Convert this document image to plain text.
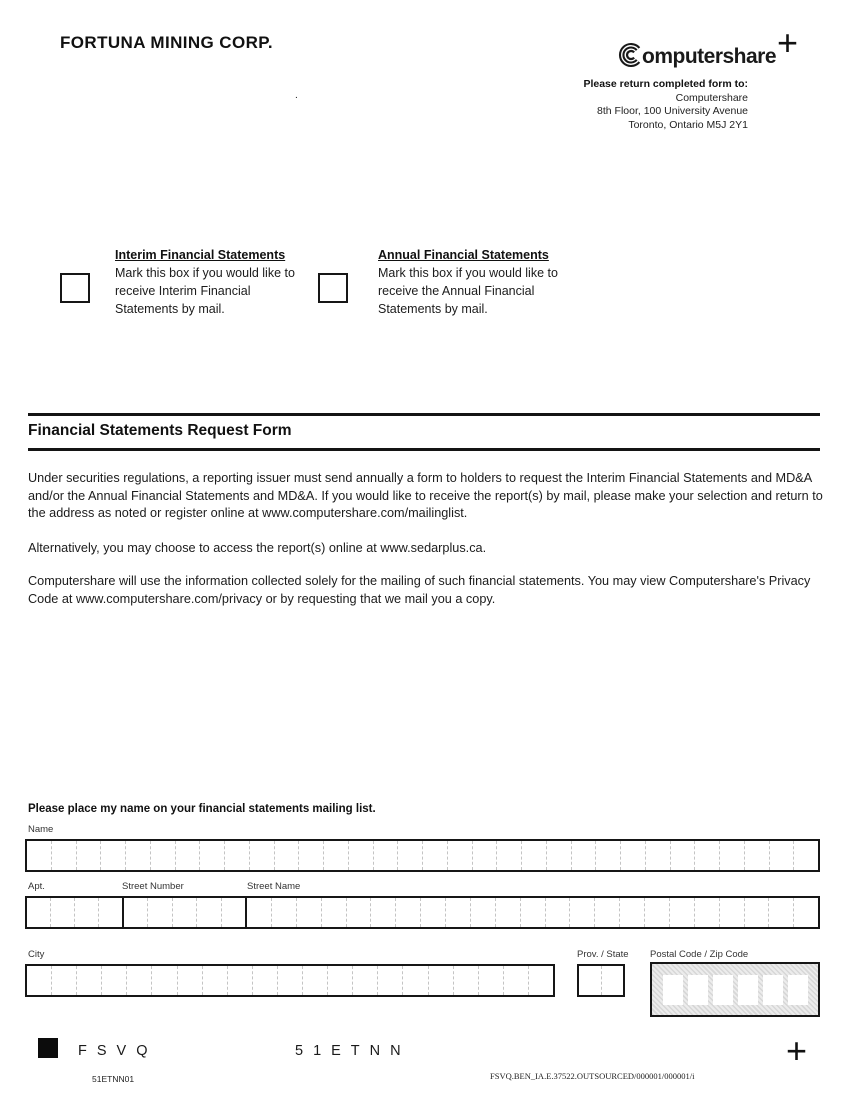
FORTUNA MINING CORP.
omputershare +
.
Please return completed form to:
Computershare
8th Floor, 100 University Avenue
Toronto, Ontario M5J 2Y1
Interim Financial Statements
Mark this box if you would like to receive Interim Financial Statements by mail.
Annual Financial Statements
Mark this box if you would like to receive the Annual Financial Statements by mail.
Financial Statements Request Form
Under securities regulations, a reporting issuer must send annually a form to holders to request the Interim Financial Statements and MD&A and/or the Annual Financial Statements and MD&A. If you would like to receive the report(s) by mail, please make your selection and return to the address as noted or register online at www.computershare.com/mailinglist.
Alternatively, you may choose to access the report(s) online at www.sedarplus.ca.
Computershare will use the information collected solely for the mailing of such financial statements. You may view Computershare's Privacy Code at www.computershare.com/privacy or by requesting that we mail you a copy.
Please place my name on your financial statements mailing list.
Name
Apt.	Street Number	Street Name
City	Prov. / State Postal Code / Zip Code
FSVQ	51ETNN
51ETNN01	FSVQ.BEN_IA.E.37522.OUTSOURCED/000001/000001/i
+
